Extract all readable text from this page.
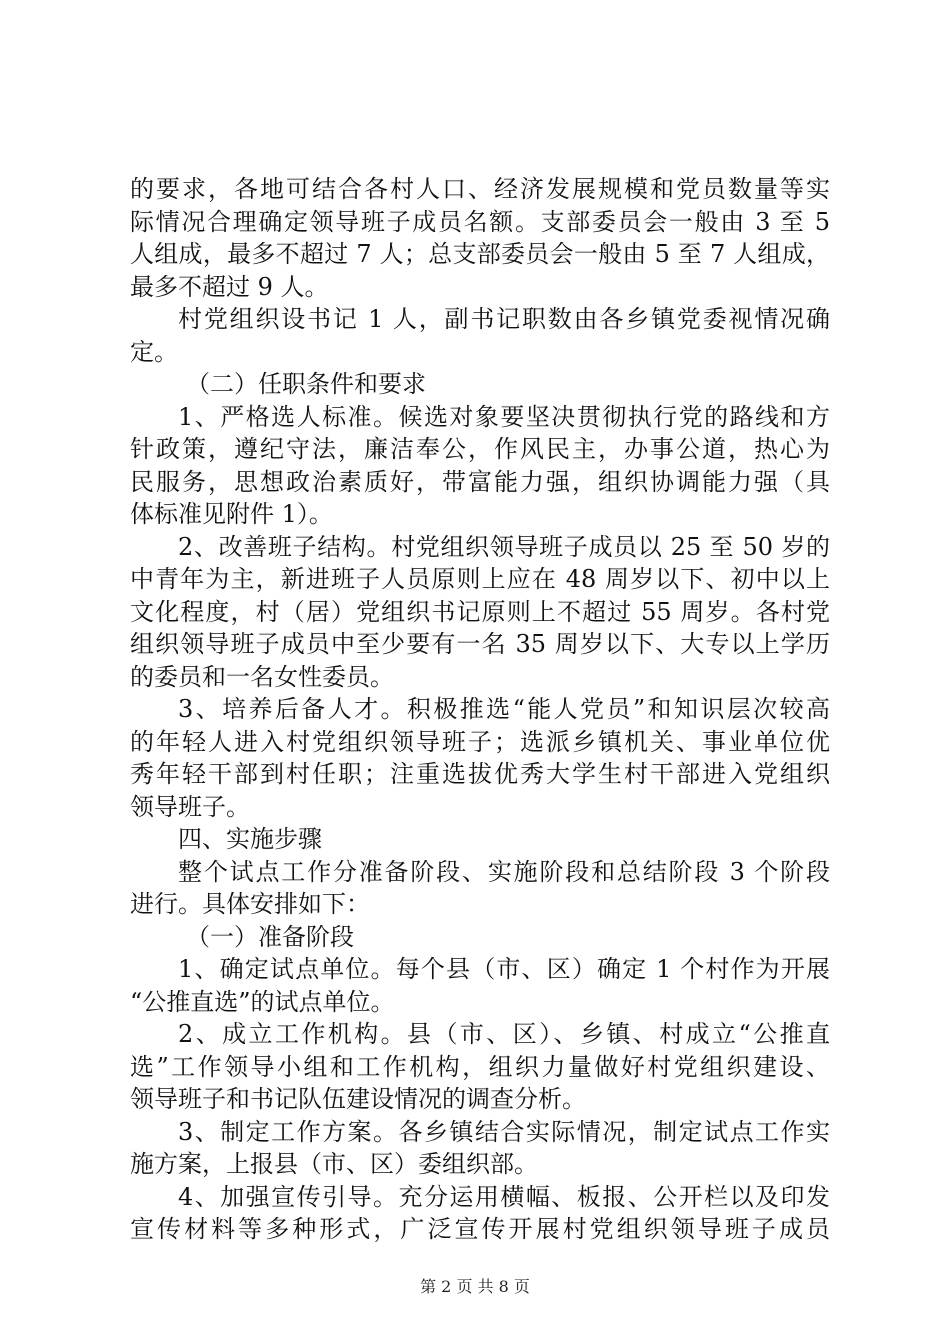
的要求，各地可结合各村人口、经济发展规模和党员数量等实
际情况合理确定领导班子成员名额。支部委员会一般由 3 至 5
人组成，最多不超过 7 人；总支部委员会一般由 5 至 7 人组成，
最多不超过 9 人。
村党组织设书记 1 人，副书记职数由各乡镇党委视情况确
定。
（二）任职条件和要求
1、严格选人标准。候选对象要坚决贯彻执行党的路线和方
针政策，遵纪守法，廉洁奉公，作风民主，办事公道，热心为
民服务，思想政治素质好，带富能力强，组织协调能力强（具
体标准见附件 1）。
2、改善班子结构。村党组织领导班子成员以 25 至 50 岁的
中青年为主，新进班子人员原则上应在 48 周岁以下、初中以上
文化程度，村（居）党组织书记原则上不超过 55 周岁。各村党
组织领导班子成员中至少要有一名 35 周岁以下、大专以上学历
的委员和一名女性委员。
3、培养后备人才。积极推选“能人党员”和知识层次较高
的年轻人进入村党组织领导班子；选派乡镇机关、事业单位优
秀年轻干部到村任职；注重选拔优秀大学生村干部进入党组织
领导班子。
四、实施步骤
整个试点工作分准备阶段、实施阶段和总结阶段 3 个阶段
进行。具体安排如下：
（一）准备阶段
1、确定试点单位。每个县（市、区）确定 1 个村作为开展
“公推直选”的试点单位。
2、成立工作机构。县（市、区）、乡镇、村成立“公推直
选”工作领导小组和工作机构，组织力量做好村党组织建设、
领导班子和书记队伍建设情况的调查分析。
3、制定工作方案。各乡镇结合实际情况，制定试点工作实
施方案，上报县（市、区）委组织部。
4、加强宣传引导。充分运用横幅、板报、公开栏以及印发
宣传材料等多种形式，广泛宣传开展村党组织领导班子成员
第 2 页 共 8 页
